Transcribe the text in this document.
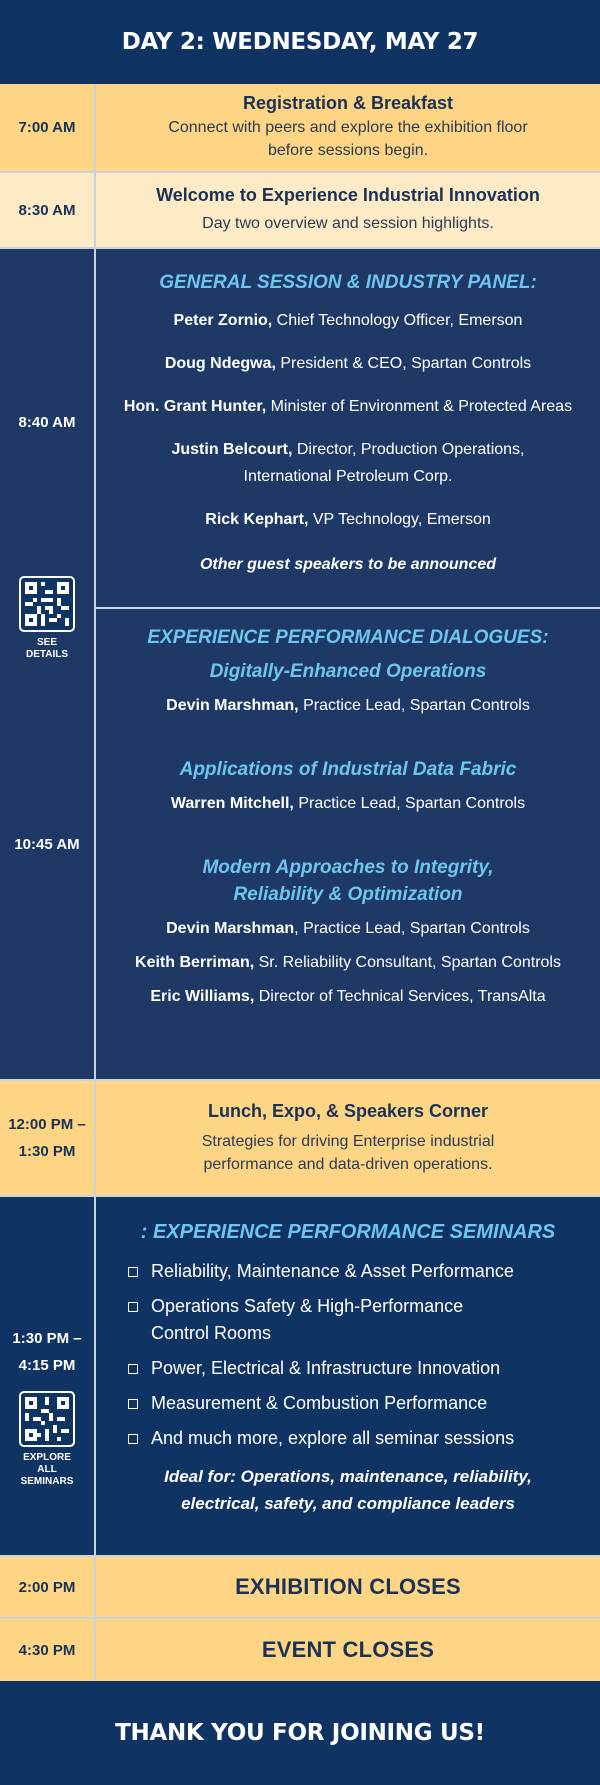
DAY 2: WEDNESDAY, MAY 27
7:00 AM
Registration & Breakfast
Connect with peers and explore the exhibition floor
before sessions begin.
8:30 AM
Welcome to Experience Industrial Innovation
Day two overview and session highlights.
8:40 AM
SEE
DETAILS
10:45 AM
GENERAL SESSION & INDUSTRY PANEL:
Peter Zornio, Chief Technology Officer, Emerson
Doug Ndegwa, President & CEO, Spartan Controls
Hon. Grant Hunter, Minister of Environment & Protected Areas
Justin Belcourt, Director, Production Operations,
International Petroleum Corp.
Rick Kephart, VP Technology, Emerson
Other guest speakers to be announced
EXPERIENCE PERFORMANCE DIALOGUES:
Digitally-Enhanced Operations
Devin Marshman, Practice Lead, Spartan Controls
Applications of Industrial Data Fabric
Warren Mitchell, Practice Lead, Spartan Controls
Modern Approaches to Integrity,
Reliability & Optimization
Devin Marshman, Practice Lead, Spartan Controls
Keith Berriman, Sr. Reliability Consultant, Spartan Controls
Eric Williams, Director of Technical Services, TransAlta
12:00 PM –
1:30 PM
Lunch, Expo, & Speakers Corner
Strategies for driving Enterprise industrial
performance and data-driven operations.
1:30 PM –
4:15 PM
EXPLORE
ALL
SEMINARS
: EXPERIENCE PERFORMANCE SEMINARS
Reliability, Maintenance & Asset Performance
Operations Safety & High-Performance
Control Rooms
Power, Electrical & Infrastructure Innovation
Measurement & Combustion Performance
And much more, explore all seminar sessions
Ideal for: Operations, maintenance, reliability,
electrical, safety, and compliance leaders
2:00 PM	EXHIBITION CLOSES
4:30 PM	EVENT CLOSES
THANK YOU FOR JOINING US!
